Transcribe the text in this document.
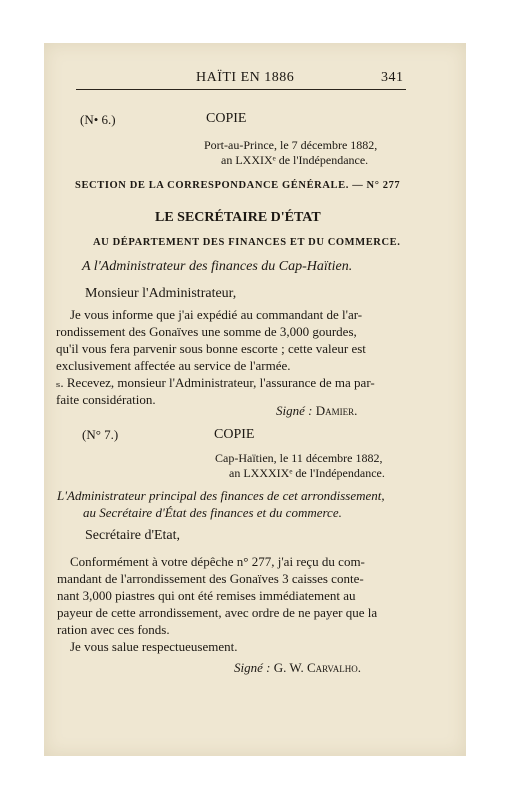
HAÏTI EN 1886	341
(N• 6.)	COPIE
Port-au-Prince, le 7 décembre 1882,
an LXXIXᵉ de l'Indépendance.
SECTION DE LA CORRESPONDANCE GÉNÉRALE. — N° 277
LE SECRÉTAIRE D'ÉTAT
AU DÉPARTEMENT DES FINANCES ET DU COMMERCE.
A l'Administrateur des finances du Cap-Haïtien.
Monsieur l'Administrateur,
Je vous informe que j'ai expédié au commandant de l'ar-
rondissement des Gonaïves une somme de 3,000 gourdes,
qu'il vous fera parvenir sous bonne escorte ; cette valeur est
exclusivement affectée au service de l'armée.
ₛ. Recevez, monsieur l'Administrateur, l'assurance de ma par-
faite considération.
Signé : Damier.
(N° 7.)	COPIE
Cap-Haïtien, le 11 décembre 1882,
an LXXXIXᵉ de l'Indépendance.
L'Administrateur principal des finances de cet arrondissement,
au Secrétaire d'État des finances et du commerce.
Secrétaire d'Etat,
Conformément à votre dépêche n° 277, j'ai reçu du com-
mandant de l'arrondissement des Gonaïves 3 caisses conte-
nant 3,000 piastres qui ont été remises immédiatement au
payeur de cette arrondissement, avec ordre de ne payer que la
ration avec ces fonds.
Je vous salue respectueusement.
Signé : G. W. Carvalho.
